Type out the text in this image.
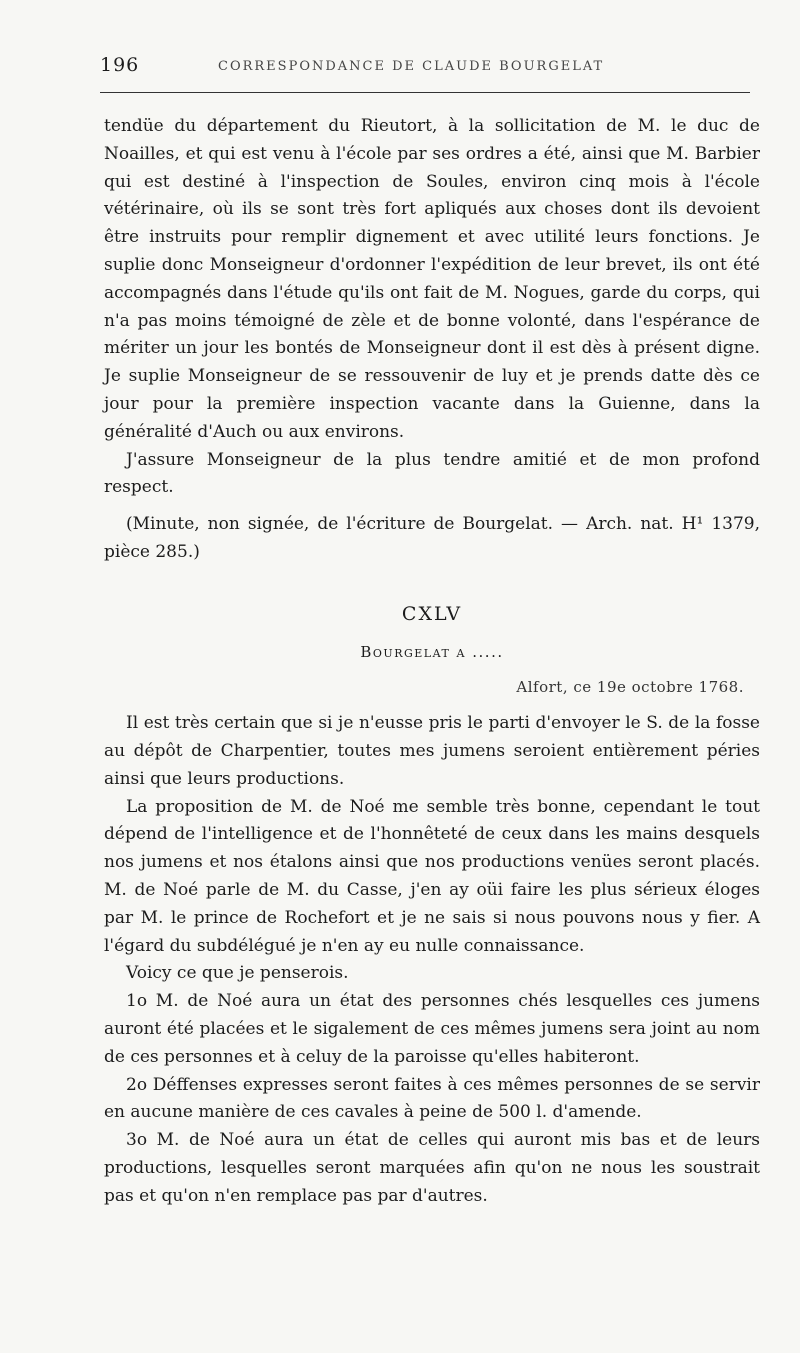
196	CORRESPONDANCE DE CLAUDE BOURGELAT

tendüe du département du Rieutort, à la sollicitation de M. le duc de Noailles, et qui est venu à l'école par ses ordres a été, ainsi que M. Barbier qui est destiné à l'inspection de Soules, environ cinq mois à l'école vétérinaire, où ils se sont très fort apliqués aux choses dont ils devoient être instruits pour remplir dignement et avec utilité leurs fonctions. Je suplie donc Monseigneur d'ordonner l'expédition de leur brevet, ils ont été accompagnés dans l'étude qu'ils ont fait de M. Nogues, garde du corps, qui n'a pas moins témoigné de zèle et de bonne volonté, dans l'espérance de mériter un jour les bontés de Monseigneur dont il est dès à présent digne. Je suplie Monseigneur de se ressouvenir de luy et je prends datte dès ce jour pour la première inspection vacante dans la Guienne, dans la généralité d'Auch ou aux environs.

J'assure Monseigneur de la plus tendre amitié et de mon profond respect.

(Minute, non signée, de l'écriture de Bourgelat. — Arch. nat. H¹ 1379, pièce 285.)

CXLV

Bourgelat a .....

Alfort, ce 19e octobre 1768.

Il est très certain que si je n'eusse pris le parti d'envoyer le S. de la fosse au dépôt de Charpentier, toutes mes jumens seroient entièrement péries ainsi que leurs productions.

La proposition de M. de Noé me semble très bonne, cependant le tout dépend de l'intelligence et de l'honnêteté de ceux dans les mains desquels nos jumens et nos étalons ainsi que nos productions venües seront placés. M. de Noé parle de M. du Casse, j'en ay oüi faire les plus sérieux éloges par M. le prince de Rochefort et je ne sais si nous pouvons nous y fier. A l'égard du subdélégué je n'en ay eu nulle connaissance.

Voicy ce que je penserois.

1o M. de Noé aura un état des personnes chés lesquelles ces jumens auront été placées et le sigalement de ces mêmes jumens sera joint au nom de ces personnes et à celuy de la paroisse qu'elles habiteront.

2o Déffenses expresses seront faites à ces mêmes personnes de se servir en aucune manière de ces cavales à peine de 500 l. d'amende.

3o M. de Noé aura un état de celles qui auront mis bas et de leurs productions, lesquelles seront marquées afin qu'on ne nous les soustrait pas et qu'on n'en remplace pas par d'autres.
